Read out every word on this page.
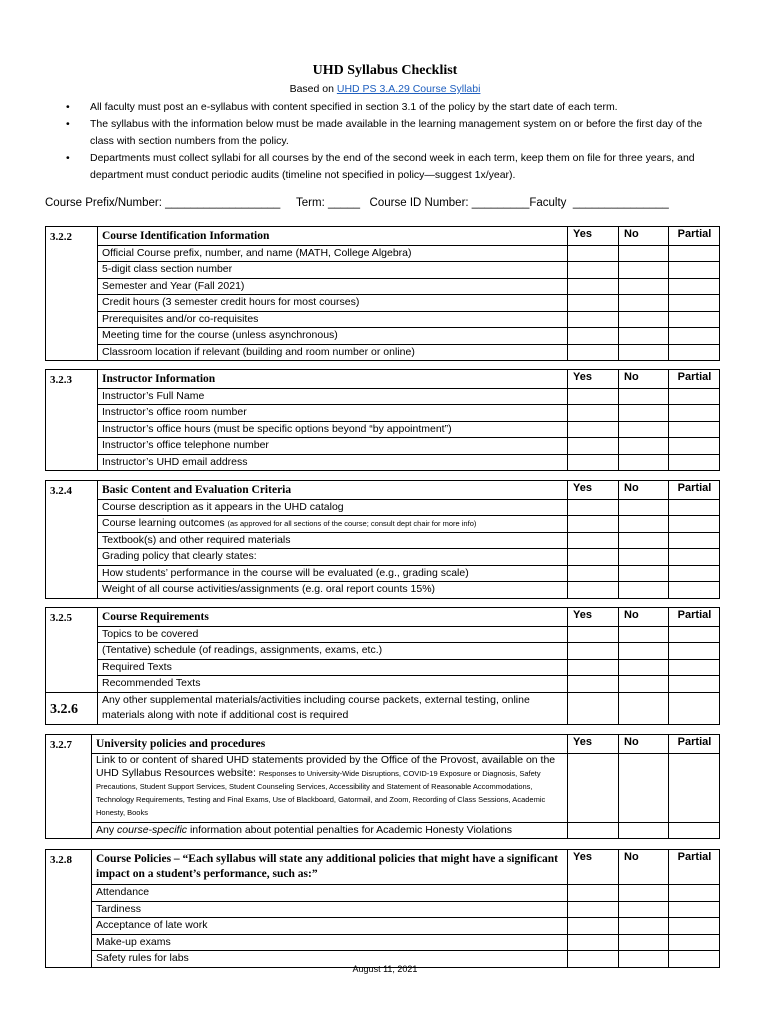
UHD Syllabus Checklist
Based on UHD PS 3.A.29 Course Syllabi
• All faculty must post an e-syllabus with content specified in section 3.1 of the policy by the start date of each term.
• The syllabus with the information below must be made available in the learning management system on or before the first day of the class with section numbers from the policy.
• Departments must collect syllabi for all courses by the end of the second week in each term, keep them on file for three years, and department must conduct periodic audits (timeline not specified in policy—suggest 1x/year).
Course Prefix/Number: __________________     Term: _____   Course ID Number: _________Faculty  _______________
3.2.2	Course Identification Information	Yes	No	Partial
	Official Course prefix, number, and name (MATH, College Algebra)			
	5-digit class section number			
	Semester and Year (Fall 2021)			
	Credit hours (3 semester credit hours for most courses)			
	Prerequisites and/or co-requisites			
	Meeting time for the course (unless asynchronous)			
	Classroom location if relevant (building and room number or online)			
3.2.3	Instructor Information	Yes	No	Partial
	Instructor’s Full Name			
	Instructor’s office room number			
	Instructor’s office hours (must be specific options beyond “by appointment”)			
	Instructor’s office telephone number			
	Instructor’s UHD email address			
3.2.4	Basic Content and Evaluation Criteria	Yes	No	Partial
	Course description as it appears in the UHD catalog			
	Course learning outcomes (as approved for all sections of the course; consult dept chair for more info)			
	Textbook(s) and other required materials			
	Grading policy that clearly states:			
	How students’ performance in the course will be evaluated (e.g., grading scale)			
	Weight of all course activities/assignments (e.g. oral report counts 15%)			
3.2.5	Course Requirements	Yes	No	Partial
	Topics to be covered			
	(Tentative) schedule (of readings, assignments, exams, etc.)			
	Required Texts			
	Recommended Texts			
3.2.6	Any other supplemental materials/activities including course packets, external testing, online materials along with note if additional cost is required			
3.2.7	University policies and procedures	Yes	No	Partial
	Link to or content of shared UHD statements provided by the Office of the Provost, available on the UHD Syllabus Resources website: Responses to University-Wide Disruptions, COVID-19 Exposure or Diagnosis, Safety Precautions, Student Support Services, Student Counseling Services, Accessibility and Statement of Reasonable Accommodations, Technology Requirements, Testing and Final Exams, Use of Blackboard, Gatormail, and Zoom, Recording of Class Sessions, Academic Honesty, Books			
	Any course-specific information about potential penalties for Academic Honesty Violations			
3.2.8	Course Policies – “Each syllabus will state any additional policies that might have a significant impact on a student’s performance, such as:”	Yes	No	Partial
	Attendance			
	Tardiness			
	Acceptance of late work			
	Make-up exams			
	Safety rules for labs			
August 11, 2021
